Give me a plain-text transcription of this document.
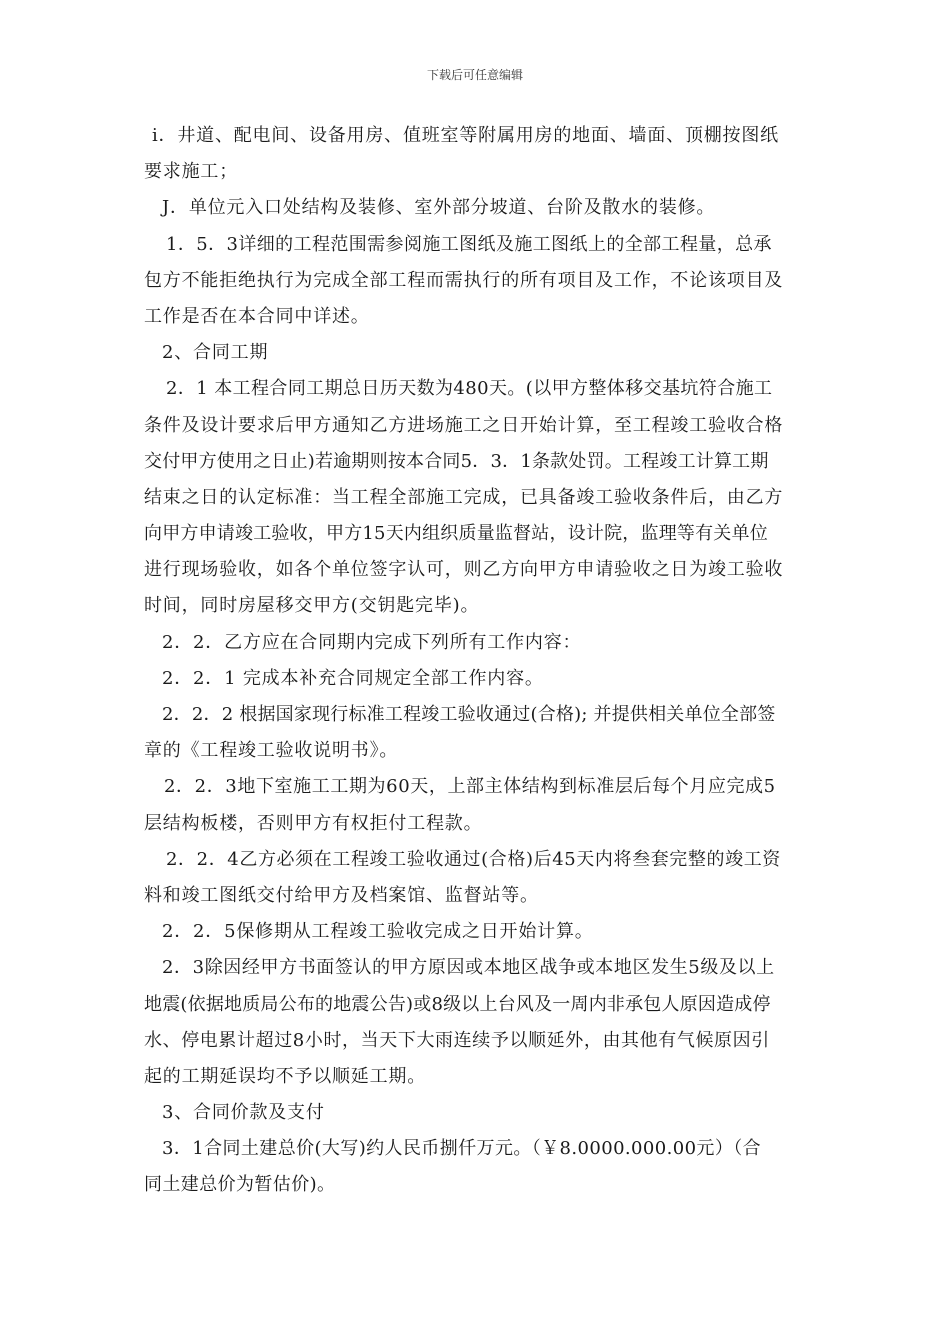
下载后可任意编辑
i．井道、配电间、设备用房、值班室等附属用房的地面、墙面、顶棚按图纸
要求施工；
J．单位元入口处结构及装修、室外部分坡道、台阶及散水的装修。
1．5．3详细的工程范围需参阅施工图纸及施工图纸上的全部工程量，总承
包方不能拒绝执行为完成全部工程而需执行的所有项目及工作，不论该项目及
工作是否在本合同中详述。
2、合同工期
2．1 本工程合同工期总日历天数为480天。(以甲方整体移交基坑符合施工
条件及设计要求后甲方通知乙方进场施工之日开始计算，至工程竣工验收合格
交付甲方使用之日止)若逾期则按本合同5．3．1条款处罚。工程竣工计算工期
结束之日的认定标准：当工程全部施工完成，已具备竣工验收条件后，由乙方
向甲方申请竣工验收，甲方15天内组织质量监督站，设计院，监理等有关单位
进行现场验收，如各个单位签字认可，则乙方向甲方申请验收之日为竣工验收
时间，同时房屋移交甲方(交钥匙完毕)。
2．2．乙方应在合同期内完成下列所有工作内容：
2．2．1 完成本补充合同规定全部工作内容。
2．2．2 根据国家现行标准工程竣工验收通过(合格); 并提供相关单位全部签
章的《工程竣工验收说明书》。
2．2．3地下室施工工期为60天，上部主体结构到标准层后每个月应完成5
层结构板楼，否则甲方有权拒付工程款。
2．2．4乙方必须在工程竣工验收通过(合格)后45天内将叁套完整的竣工资
料和竣工图纸交付给甲方及档案馆、监督站等。
2．2．5保修期从工程竣工验收完成之日开始计算。
2．3除因经甲方书面签认的甲方原因或本地区战争或本地区发生5级及以上
地震(依据地质局公布的地震公告)或8级以上台风及一周内非承包人原因造成停
水、停电累计超过8小时，当天下大雨连续予以顺延外，由其他有气候原因引
起的工期延误均不予以顺延工期。
3、合同价款及支付
3．1合同土建总价(大写)约人民币捌仟万元。（￥8.0000.000.00元）（合
同土建总价为暂估价)。
